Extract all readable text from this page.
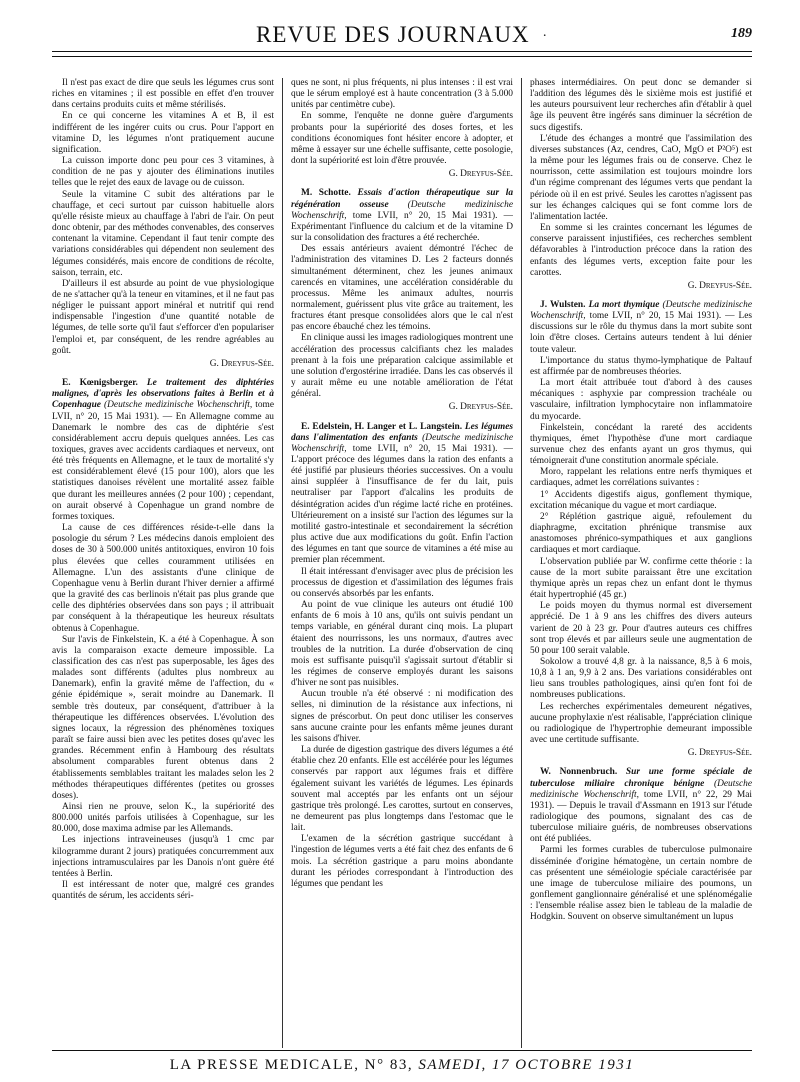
REVUE DES JOURNAUX ·	189

Il n'est pas exact de dire que seuls les légumes crus sont riches en vitamines ; il est possible en effet d'en trouver dans certains produits cuits et même stérilisés.

En ce qui concerne les vitamines A et B, il est indifférent de les ingérer cuits ou crus. Pour l'apport en vitamine D, les légumes n'ont pratiquement aucune signification.

La cuisson importe donc peu pour ces 3 vitamines, à condition de ne pas y ajouter des éliminations inutiles telles que le rejet des eaux de lavage ou de cuisson.

Seule la vitamine C subit des altérations par le chauffage, et ceci surtout par cuisson habituelle alors qu'elle résiste mieux au chauffage à l'abri de l'air. On peut donc obtenir, par des méthodes convenables, des conserves contenant la vitamine. Cependant il faut tenir compte des variations considérables qui dépendent non seulement des légumes considérés, mais encore de conditions de récolte, saison, terrain, etc.

D'ailleurs il est absurde au point de vue physiologique de ne s'attacher qu'à la teneur en vitamines, et il ne faut pas négliger le puissant apport minéral et nutritif qui rend indispensable l'ingestion d'une quantité notable de légumes, de telle sorte qu'il faut s'efforcer d'en populariser l'emploi et, par conséquent, de les rendre agréables au goût.

G. Dreyfus-Sée.

E. Kœnigsberger. Le traitement des diphtéries malignes, d'après les observations faites à Berlin et à Copenhague (Deutsche medizinische Wochenschrift, tome LVII, n° 20, 15 Mai 1931). — En Allemagne comme au Danemark le nombre des cas de diphtérie s'est considérablement accru depuis quelques années. Les cas toxiques, graves avec accidents cardiaques et nerveux, ont été très fréquents en Allemagne, et le taux de mortalité s'y est considérablement élevé (15 pour 100), alors que les statistiques danoises révèlent une mortalité assez faible que durant les meilleures années (2 pour 100) ; cependant, on aurait observé à Copenhague un grand nombre de formes toxiques.

La cause de ces différences réside-t-elle dans la posologie du sérum ? Les médecins danois emploient des doses de 30 à 500.000 unités antitoxiques, environ 10 fois plus élevées que celles couramment utilisées en Allemagne. L'un des assistants d'une clinique de Copenhague venu à Berlin durant l'hiver dernier a affirmé que la gravité des cas berlinois n'était pas plus grande que celle des diphtéries observées dans son pays ; il attribuait par conséquent à la thérapeutique les heureux résultats obtenus à Copenhague.

Sur l'avis de Finkelstein, K. a été à Copenhague. À son avis la comparaison exacte demeure impossible. La classification des cas n'est pas superposable, les âges des malades sont différents (adultes plus nombreux au Danemark), enfin la gravité même de l'affection, du « génie épidémique », serait moindre au Danemark. Il semble très douteux, par conséquent, d'attribuer à la thérapeutique les différences observées. L'évolution des signes locaux, la régression des phénomènes toxiques paraît se faire aussi bien avec les petites doses qu'avec les grandes. Récemment enfin à Hambourg des résultats absolument comparables furent obtenus dans 2 établissements semblables traitant les malades selon les 2 méthodes thérapeutiques différentes (petites ou grosses doses).

Ainsi rien ne prouve, selon K., la supériorité des 800.000 unités parfois utilisées à Copenhague, sur les 80.000, dose maxima admise par les Allemands.

Les injections intraveineuses (jusqu'à 1 cmc par kilogramme durant 2 jours) pratiquées concurremment aux injections intramusculaires par les Danois n'ont guère été tentées à Berlin.

Il est intéressant de noter que, malgré ces grandes quantités de sérum, les accidents séri-

ques ne sont, ni plus fréquents, ni plus intenses : il est vrai que le sérum employé est à haute concentration (3 à 5.000 unités par centimètre cube).

En somme, l'enquête ne donne guère d'arguments probants pour la supériorité des doses fortes, et les conditions économiques font hésiter encore à adopter, et même à essayer sur une échelle suffisante, cette posologie, dont la supériorité est loin d'être prouvée.

G. Dreyfus-Sée.

M. Schotte. Essais d'action thérapeutique sur la régénération osseuse (Deutsche medizinische Wochenschrift, tome LVII, n° 20, 15 Mai 1931). — Expérimentant l'influence du calcium et de la vitamine D sur la consolidation des fractures a été recherchée.

Des essais antérieurs avaient démontré l'échec de l'administration des vitamines D. Les 2 facteurs donnés simultanément déterminent, chez les jeunes animaux carencés en vitamines, une accélération considérable du processus. Même les animaux adultes, nourris normalement, guérissent plus vite grâce au traitement, les fractures étant presque consolidées alors que le cal n'est pas encore ébauché chez les témoins.

En clinique aussi les images radiologiques montrent une accélération des processus calcifiants chez les malades prenant à la fois une préparation calcique assimilable et une solution d'ergostérine irradiée. Dans les cas observés il y aurait même eu une notable amélioration de l'état général.

G. Dreyfus-Sée.

E. Edelstein, H. Langer et L. Langstein. Les légumes dans l'alimentation des enfants (Deutsche medizinische Wochenschrift, tome LVII, n° 20, 15 Mai 1931). — L'apport précoce des légumes dans la ration des enfants a été justifié par plusieurs théories successives. On a voulu ainsi suppléer à l'insuffisance de fer du lait, puis neutraliser par l'apport d'alcalins les produits de désintégration acides d'un régime lacté riche en protéines. Ultérieurement on a insisté sur l'action des légumes sur la motilité gastro-intestinale et secondairement la sécrétion plus active due aux modifications du goût. Enfin l'action des légumes en tant que source de vitamines a été mise au premier plan récemment.

Il était intéressant d'envisager avec plus de précision les processus de digestion et d'assimilation des légumes frais ou conservés absorbés par les enfants.

Au point de vue clinique les auteurs ont étudié 100 enfants de 6 mois à 10 ans, qu'ils ont suivis pendant un temps variable, en général durant cinq mois. La plupart étaient des nourrissons, les uns normaux, d'autres avec troubles de la nutrition. La durée d'observation de cinq mois est suffisante puisqu'il s'agissait surtout d'établir si les régimes de conserve employés durant les saisons d'hiver ne sont pas nuisibles.

Aucun trouble n'a été observé : ni modification des selles, ni diminution de la résistance aux infections, ni signes de préscorbut. On peut donc utiliser les conserves sans aucune crainte pour les enfants même jeunes durant les saisons d'hiver.

La durée de digestion gastrique des divers légumes a été établie chez 20 enfants. Elle est accélérée pour les légumes conservés par rapport aux légumes frais et diffère également suivant les variétés de légumes. Les épinards souvent mal acceptés par les enfants ont un séjour gastrique très prolongé. Les carottes, surtout en conserves, ne demeurent pas plus longtemps dans l'estomac que le lait.

L'examen de la sécrétion gastrique succédant à l'ingestion de légumes verts a été fait chez des enfants de 6 mois. La sécrétion gastrique a paru moins abondante durant les périodes correspondant à l'introduction des légumes que pendant les

phases intermédiaires. On peut donc se demander si l'addition des légumes dès le sixième mois est justifié et les auteurs poursuivent leur recherches afin d'établir à quel âge ils peuvent être ingérés sans diminuer la sécrétion de sucs digestifs.

L'étude des échanges a montré que l'assimilation des diverses substances (Az, cendres, CaO, MgO et P²O⁵) est la même pour les légumes frais ou de conserve. Chez le nourrisson, cette assimilation est toujours moindre lors d'un régime comprenant des légumes verts que pendant la période où il en est privé. Seules les carottes n'agissent pas sur les échanges calciques qui se font comme lors de l'alimentation lactée.

En somme si les craintes concernant les légumes de conserve paraissent injustifiées, ces recherches semblent défavorables à l'introduction précoce dans la ration des enfants des légumes verts, exception faite pour les carottes.

G. Dreyfus-Sée.

J. Wulsten. La mort thymique (Deutsche medizinische Wochenschrift, tome LVII, n° 20, 15 Mai 1931). — Les discussions sur le rôle du thymus dans la mort subite sont loin d'être closes. Certains auteurs tendent à lui dénier toute valeur.

L'importance du status thymo-lymphatique de Paltauf est affirmée par de nombreuses théories.

La mort était attribuée tout d'abord à des causes mécaniques : asphyxie par compression trachéale ou vasculaire, infiltration lymphocytaire non inflammatoire du myocarde.

Finkelstein, concédant la rareté des accidents thymiques, émet l'hypothèse d'une mort cardiaque survenue chez des enfants ayant un gros thymus, qui témoignerait d'une constitution anormale spéciale.

Moro, rappelant les relations entre nerfs thymiques et cardiaques, admet les corrélations suivantes :

1° Accidents digestifs aigus, gonflement thymique, excitation mécanique du vague et mort cardiaque.

2° Réplétion gastrique aiguë, refoulement du diaphragme, excitation phrénique transmise aux anastomoses phrénico-sympathiques et aux ganglions cardiaques et mort cardiaque.

L'observation publiée par W. confirme cette théorie : la cause de la mort subite paraissant être une excitation thymique après un repas chez un enfant dont le thymus était hypertrophié (45 gr.)

Le poids moyen du thymus normal est diversement apprécié. De 1 à 9 ans les chiffres des divers auteurs varient de 20 à 23 gr. Pour d'autres auteurs ces chiffres sont trop élevés et par ailleurs seule une augmentation de 50 pour 100 serait valable.

Sokolow a trouvé 4,8 gr. à la naissance, 8,5 à 6 mois, 10,8 à 1 an, 9,9 à 2 ans. Des variations considérables ont lieu sans troubles pathologiques, ainsi qu'en font foi de nombreuses publications.

Les recherches expérimentales demeurent négatives, aucune prophylaxie n'est réalisable, l'appréciation clinique ou radiologique de l'hypertrophie demeurant impossible avec une certitude suffisante.

G. Dreyfus-Sée.

W. Nonnenbruch. Sur une forme spéciale de tuberculose miliaire chronique bénigne (Deutsche medizinische Wochenschrift, tome LVII, n° 22, 29 Mai 1931). — Depuis le travail d'Assmann en 1913 sur l'étude radiologique des poumons, signalant des cas de tuberculose miliaire guéris, de nombreuses observations ont été publiées.

Parmi les formes curables de tuberculose pulmonaire disséminée d'origine hématogène, un certain nombre de cas présentent une séméiologie spéciale caractérisée par une image de tuberculose miliaire des poumons, un gonflement ganglionnaire généralisé et une splénomégalie : l'ensemble réalise assez bien le tableau de la maladie de Hodgkin. Souvent on observe simultanément un lupus

LA PRESSE MEDICALE, N° 83, SAMEDI, 17 OCTOBRE 1931
